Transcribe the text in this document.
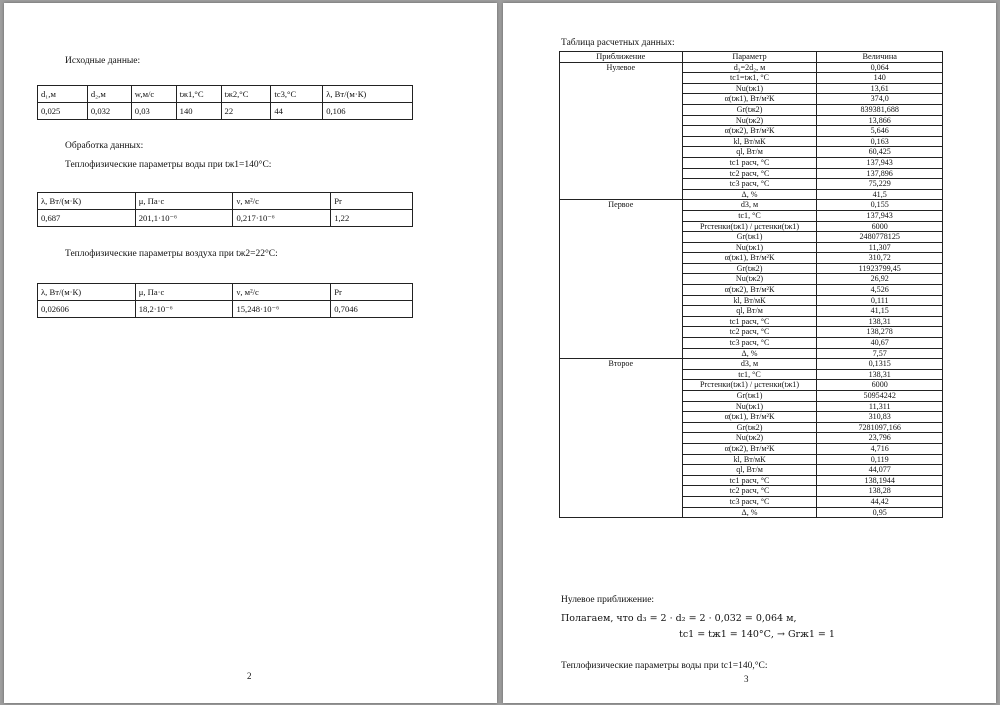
Исходные данные:
d₁,м	d₂,м	w,м/с	tж1,°C	tж2,°C	tс3,°C	λ, Вт/(м·К)
0,025	0,032	0,03	140	22	44	0,106
Обработка данных:
Теплофизические параметры воды при tж1=140°С:
λ, Вт/(м·К)	μ, Па·с	ν, м²/с	Pr
0,687	201,1·10⁻⁶	0,217·10⁻⁶	1,22
Теплофизические параметры воздуха при tж2=22°С:
λ, Вт/(м·К)	μ, Па·с	ν, м²/с	Pr
0,02606	18,2·10⁻⁶	15,248·10⁻⁶	0,7046
2
Таблица расчетных данных:
Приближение	Параметр	Величина
Нулевое	d₃=2d₂, м	0,064
	tс1=tж1, °С	140
	Nu(tж1)	13,61
	α(tж1), Вт/м²К	374,0
	Gr(tж2)	839381,688
	Nu(tж2)	13,866
	α(tж2), Вт/м²К	5,646
	kl, Вт/мК	0,163
	ql, Вт/м	60,425
	tс1 расч, °С	137,943
	tс2 расч, °С	137,896
	tс3 расч, °С	75,229
	Δ, %	41,5
Первое	d3, м	0,155
	tс1, °С	137,943
	Prстенки(tж1) / μстенки(tж1)	6000
	Gr(tж1)	2480778125
	Nu(tж1)	11,307
	α(tж1), Вт/м²К	310,72
	Gr(tж2)	11923799,45
	Nu(tж2)	26,92
	α(tж2), Вт/м²К	4,526
	kl, Вт/мК	0,111
	ql, Вт/м	41,15
	tс1 расч, °С	138,31
	tс2 расч, °С	138,278
	tс3 расч, °С	40,67
	Δ, %	7,57
Второе	d3, м	0,1315
	tс1, °С	138,31
	Prстенки(tж1) / μстенки(tж1)	6000
	Gr(tж1)	50954242
	Nu(tж1)	11,311
	α(tж1), Вт/м²К	310,83
	Gr(tж2)	7281097,166
	Nu(tж2)	23,796
	α(tж2), Вт/м²К	4,716
	kl, Вт/мК	0,119
	ql, Вт/м	44,077
	tс1 расч, °С	138,1944
	tс2 расч, °С	138,28
	tс3 расч, °С	44,42
	Δ, %	0,95
Нулевое приближение:
Полагаем, что d₃ = 2 · d₂ = 2 · 0,032 = 0,064 м,
tс1 = tж1 = 140°С, → Grж1 = 1
Теплофизические параметры воды при tс1=140,°С:
3
